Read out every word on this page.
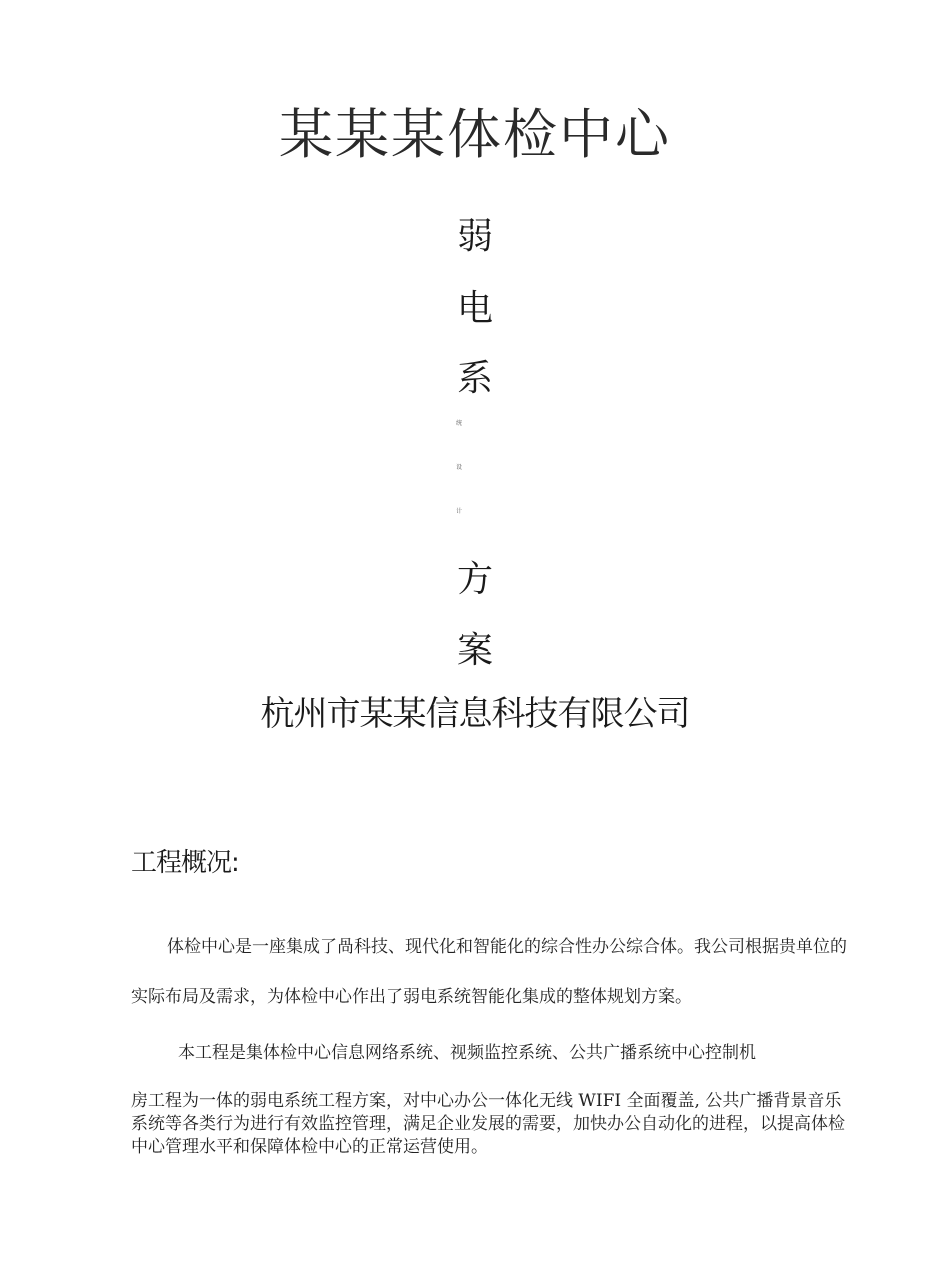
某某某体检中心
弱
电
系
统
设
计
方
案
杭州市某某信息科技有限公司
工程概况:
体检中心是一座集成了咼科技、现代化和智能化的综合性办公综合体。我公司根据贵单位的实际布局及需求，为体检中心作出了弱电系统智能化集成的整体规划方案。
本工程是集体检中心信息网络系统、视频监控系统、公共广播系统中心控制机
房工程为一体的弱电系统工程方案，对中心办公一体化无线 WIFI 全面覆盖, 公共广播背景音乐系统等各类行为进行有效监控管理，满足企业发展的需要，加快办公自动化的进程，以提高体检中心管理水平和保障体检中心的正常运营使用。
